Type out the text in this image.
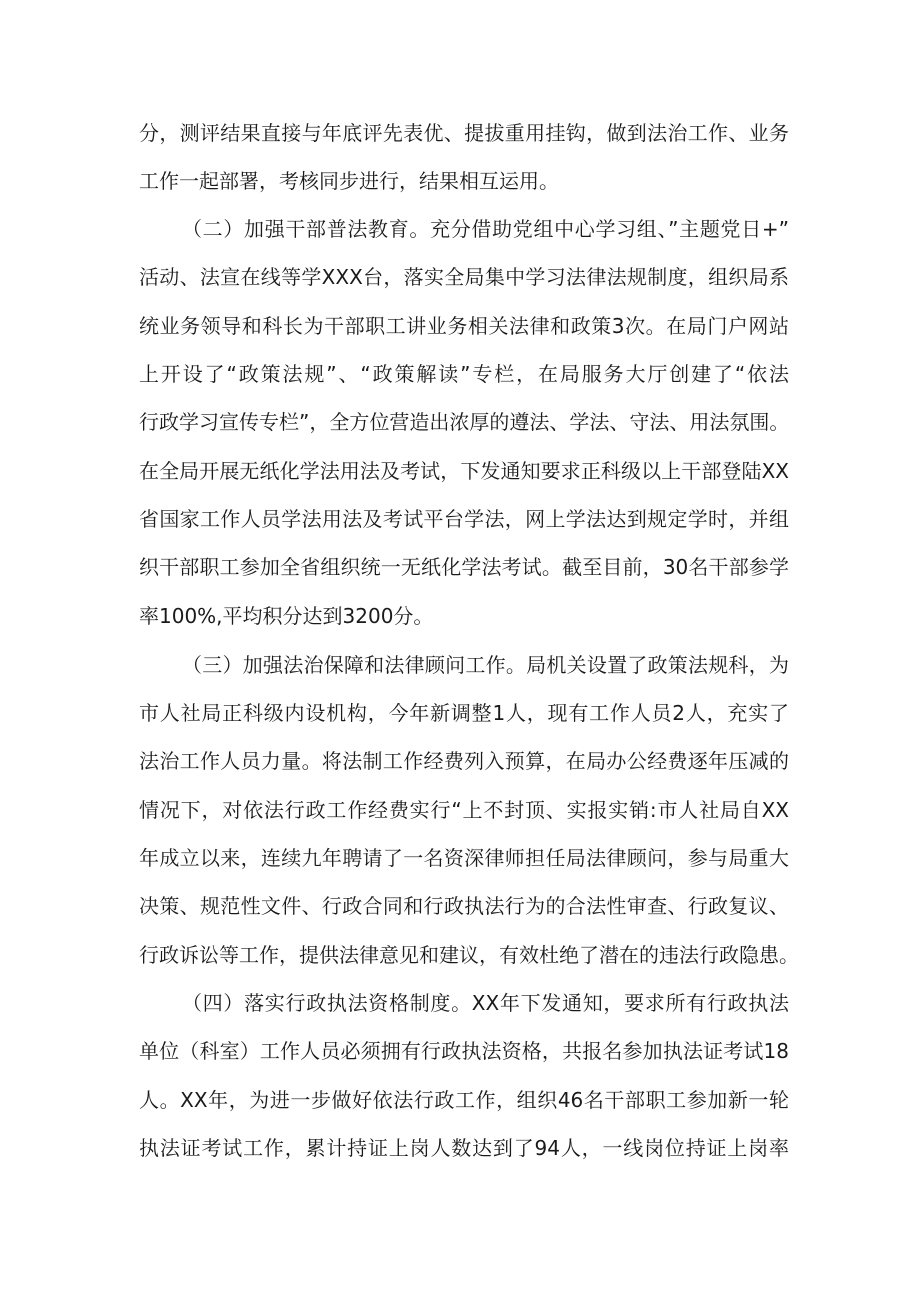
分，测评结果直接与年底评先表优、提拔重用挂钩，做到法治工作、业务
工作一起部署，考核同步进行，结果相互运用。
（二）加强干部普法教育。充分借助党组中心学习组、”主题党日+”
活动、法宣在线等学XXX台，落实全局集中学习法律法规制度，组织局系
统业务领导和科长为干部职工讲业务相关法律和政策3次。在局门户网站
上开设了“政策法规”、“政策解读”专栏，在局服务大厅创建了“依法
行政学习宣传专栏”，全方位营造出浓厚的遵法、学法、守法、用法氛围。
在全局开展无纸化学法用法及考试，下发通知要求正科级以上干部登陆XX
省国家工作人员学法用法及考试平台学法，网上学法达到规定学时，并组
织干部职工参加全省组织统一无纸化学法考试。截至目前，30名干部参学
率100%,平均积分达到3200分。
（三）加强法治保障和法律顾问工作。局机关设置了政策法规科，为
市人社局正科级内设机构，今年新调整1人，现有工作人员2人，充实了
法治工作人员力量。将法制工作经费列入预算，在局办公经费逐年压减的
情况下，对依法行政工作经费实行“上不封顶、实报实销:市人社局自XX
年成立以来，连续九年聘请了一名资深律师担任局法律顾问，参与局重大
决策、规范性文件、行政合同和行政执法行为的合法性审查、行政复议、
行政诉讼等工作，提供法律意见和建议，有效杜绝了潜在的违法行政隐患。
（四）落实行政执法资格制度。XX年下发通知，要求所有行政执法
单位（科室）工作人员必须拥有行政执法资格，共报名参加执法证考试18
人。XX年，为进一步做好依法行政工作，组织46名干部职工参加新一轮
执法证考试工作，累计持证上岗人数达到了94人，一线岗位持证上岗率
